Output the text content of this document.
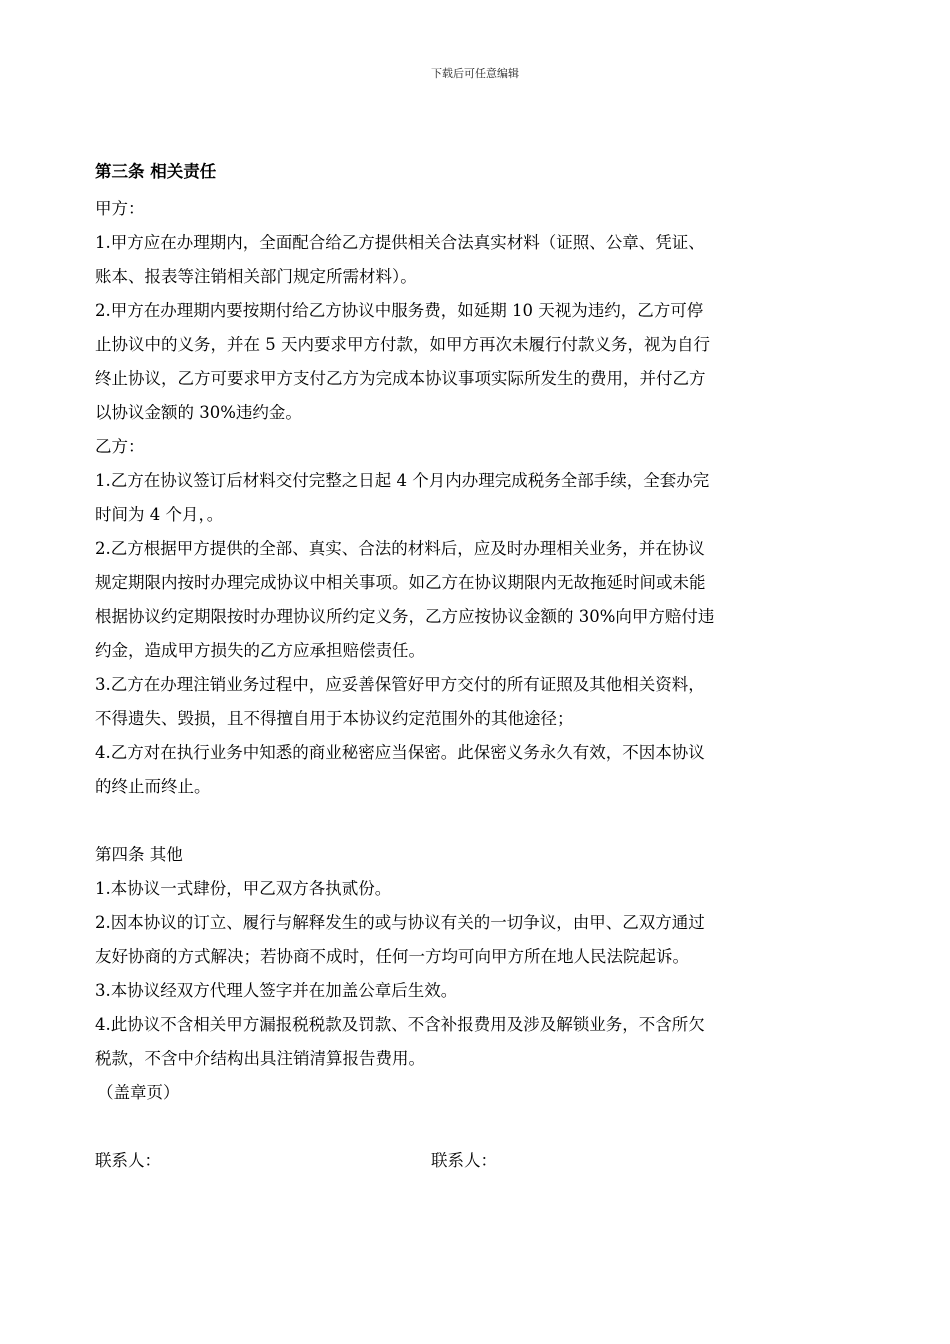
下载后可任意编辑
第三条 相关责任
甲方：
1.甲方应在办理期内，全面配合给乙方提供相关合法真实材料（证照、公章、凭证、
账本、报表等注销相关部门规定所需材料）。
2.甲方在办理期内要按期付给乙方协议中服务费，如延期 10 天视为违约，乙方可停
止协议中的义务，并在 5 天内要求甲方付款，如甲方再次未履行付款义务，视为自行
终止协议，乙方可要求甲方支付乙方为完成本协议事项实际所发生的费用，并付乙方
以协议金额的 30%违约金。
乙方：
1.乙方在协议签订后材料交付完整之日起 4 个月内办理完成税务全部手续，全套办完
时间为 4 个月，。
2.乙方根据甲方提供的全部、真实、合法的材料后，应及时办理相关业务，并在协议
规定期限内按时办理完成协议中相关事项。如乙方在协议期限内无故拖延时间或未能
根据协议约定期限按时办理协议所约定义务，乙方应按协议金额的 30%向甲方赔付违
约金，造成甲方损失的乙方应承担赔偿责任。
3.乙方在办理注销业务过程中，应妥善保管好甲方交付的所有证照及其他相关资料，
不得遗失、毁损，且不得擅自用于本协议约定范围外的其他途径；
4.乙方对在执行业务中知悉的商业秘密应当保密。此保密义务永久有效，不因本协议
的终止而终止。
第四条 其他
1.本协议一式肆份，甲乙双方各执贰份。
2.因本协议的订立、履行与解释发生的或与协议有关的一切争议，由甲、乙双方通过
友好协商的方式解决；若协商不成时，任何一方均可向甲方所在地人民法院起诉。
3.本协议经双方代理人签字并在加盖公章后生效。
4.此协议不含相关甲方漏报税税款及罚款、不含补报费用及涉及解锁业务，不含所欠
税款，不含中介结构出具注销清算报告费用。
（盖章页）
联系人：	联系人：
